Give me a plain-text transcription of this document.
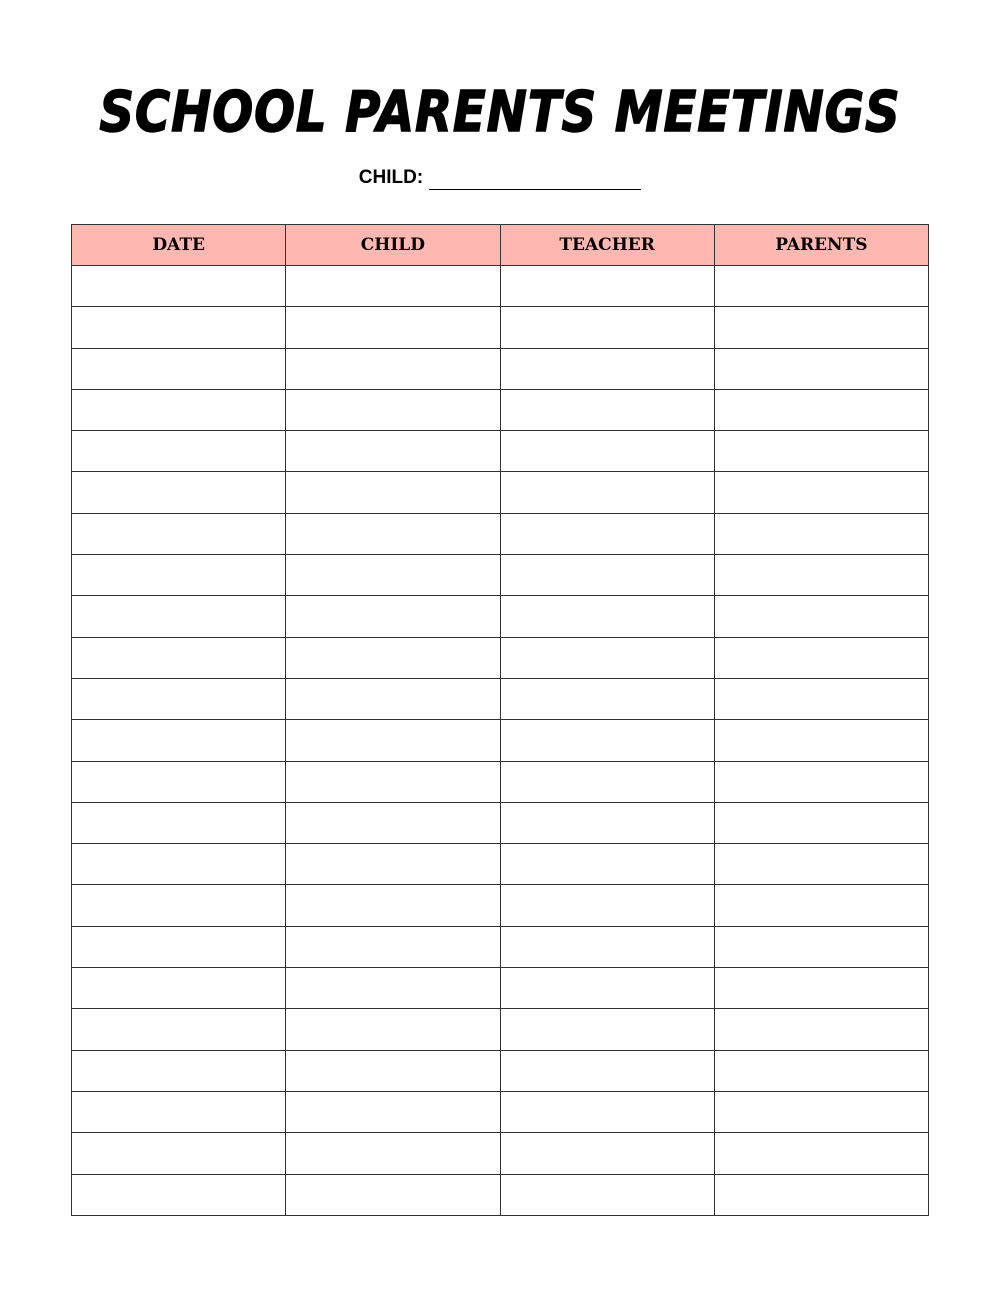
SCHOOL PARENTS MEETINGS
CHILD:
DATE	CHILD	TEACHER	PARENTS
